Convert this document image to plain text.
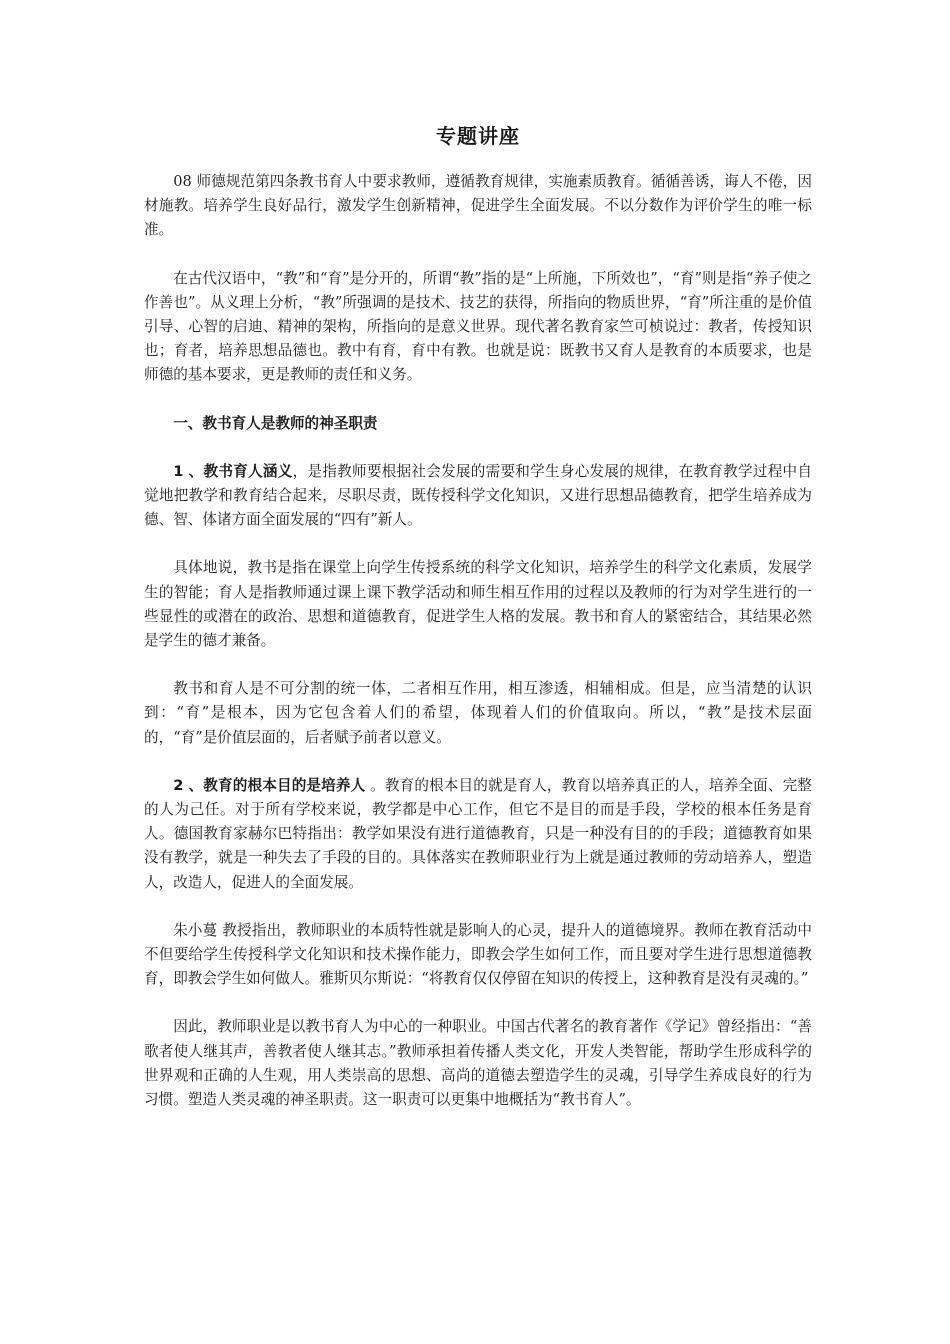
专题讲座

08 师德规范第四条教书育人中要求教师，遵循教育规律，实施素质教育。循循善诱，诲人不倦，因材施教。培养学生良好品行，激发学生创新精神，促进学生全面发展。不以分数作为评价学生的唯一标准。

在古代汉语中，“教”和“育”是分开的，所谓“教”指的是“上所施，下所效也”，“育”则是指“养子使之作善也”。从义理上分析，“教”所强调的是技术、技艺的获得，所指向的物质世界，“育”所注重的是价值引导、心智的启迪、精神的架构，所指向的是意义世界。现代著名教育家竺可桢说过：教者，传授知识也；育者，培养思想品德也。教中有育，育中有教。也就是说：既教书又育人是教育的本质要求，也是师德的基本要求，更是教师的责任和义务。

一、教书育人是教师的神圣职责

1 、教书育人涵义，是指教师要根据社会发展的需要和学生身心发展的规律，在教育教学过程中自觉地把教学和教育结合起来，尽职尽责，既传授科学文化知识，又进行思想品德教育，把学生培养成为德、智、体诸方面全面发展的“四有”新人。

具体地说，教书是指在课堂上向学生传授系统的科学文化知识，培养学生的科学文化素质，发展学生的智能；育人是指教师通过课上课下教学活动和师生相互作用的过程以及教师的行为对学生进行的一些显性的或潜在的政治、思想和道德教育，促进学生人格的发展。教书和育人的紧密结合，其结果必然是学生的德才兼备。

教书和育人是不可分割的统一体，二者相互作用，相互渗透，相辅相成。但是，应当清楚的认识到：“育”是根本，因为它包含着人们的希望，体现着人们的价值取向。所以，“教”是技术层面的，“育”是价值层面的，后者赋予前者以意义。

2 、教育的根本目的是培养人 。教育的根本目的就是育人，教育以培养真正的人，培养全面、完整的人为己任。对于所有学校来说，教学都是中心工作，但它不是目的而是手段，学校的根本任务是育人。德国教育家赫尔巴特指出：教学如果没有进行道德教育，只是一种没有目的的手段；道德教育如果没有教学，就是一种失去了手段的目的。具体落实在教师职业行为上就是通过教师的劳动培养人，塑造人，改造人，促进人的全面发展。

朱小蔓 教授指出，教师职业的本质特性就是影响人的心灵，提升人的道德境界。教师在教育活动中不但要给学生传授科学文化知识和技术操作能力，即教会学生如何工作，而且要对学生进行思想道德教育，即教会学生如何做人。雅斯贝尔斯说：“将教育仅仅停留在知识的传授上，这种教育是没有灵魂的。”

因此，教师职业是以教书育人为中心的一种职业。中国古代著名的教育著作《学记》曾经指出：“善歌者使人继其声，善教者使人继其志。”教师承担着传播人类文化，开发人类智能，帮助学生形成科学的世界观和正确的人生观，用人类崇高的思想、高尚的道德去塑造学生的灵魂，引导学生养成良好的行为习惯。塑造人类灵魂的神圣职责。这一职责可以更集中地概括为“教书育人”。
